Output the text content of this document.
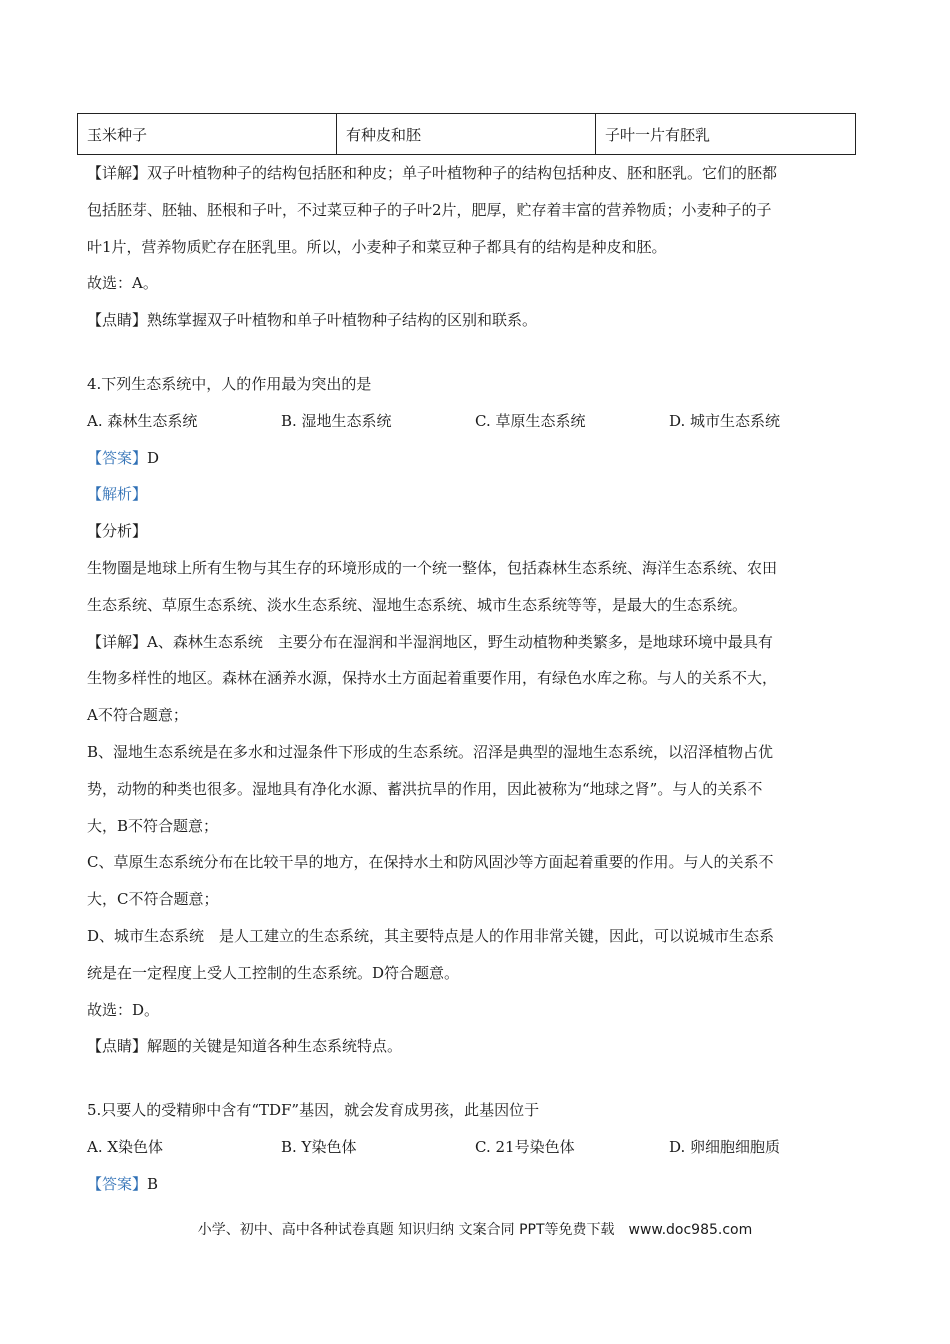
玉米种子	有种皮和胚	子叶一片有胚乳

【详解】双子叶植物种子的结构包括胚和种皮；单子叶植物种子的结构包括种皮、胚和胚乳。它们的胚都

包括胚芽、胚轴、胚根和子叶，不过菜豆种子的子叶2片，肥厚，贮存着丰富的营养物质；小麦种子的子

叶1片，营养物质贮存在胚乳里。所以，小麦种子和菜豆种子都具有的结构是种皮和胚。

故选：A。

【点睛】熟练掌握双子叶植物和单子叶植物种子结构的区别和联系。

4.下列生态系统中，人的作用最为突出的是

A. 森林生态系统	B. 湿地生态系统	C. 草原生态系统	D. 城市生态系统

【答案】D

【解析】

【分析】

生物圈是地球上所有生物与其生存的环境形成的一个统一整体，包括森林生态系统、海洋生态系统、农田

生态系统、草原生态系统、淡水生态系统、湿地生态系统、城市生态系统等等，是最大的生态系统。

【详解】A、森林生态系统　主要分布在湿润和半湿润地区，野生动植物种类繁多，是地球环境中最具有

生物多样性的地区。森林在涵养水源，保持水土方面起着重要作用，有绿色水库之称。与人的关系不大，

A不符合题意；

B、湿地生态系统是在多水和过湿条件下形成的生态系统。沼泽是典型的湿地生态系统，以沼泽植物占优

势，动物的种类也很多。湿地具有净化水源、蓄洪抗旱的作用，因此被称为“地球之肾”。与人的关系不

大，B不符合题意；

C、草原生态系统分布在比较干旱的地方，在保持水土和防风固沙等方面起着重要的作用。与人的关系不

大，C不符合题意；

D、城市生态系统　是人工建立的生态系统，其主要特点是人的作用非常关键，因此，可以说城市生态系

统是在一定程度上受人工控制的生态系统。D符合题意。

故选：D。

【点睛】解题的关键是知道各种生态系统特点。

5.只要人的受精卵中含有“TDF”基因，就会发育成男孩，此基因位于

A. X染色体	B. Y染色体	C. 21号染色体	D. 卵细胞细胞质

【答案】B

小学、初中、高中各种试卷真题 知识归纳 文案合同 PPT等免费下载　www.doc985.com
